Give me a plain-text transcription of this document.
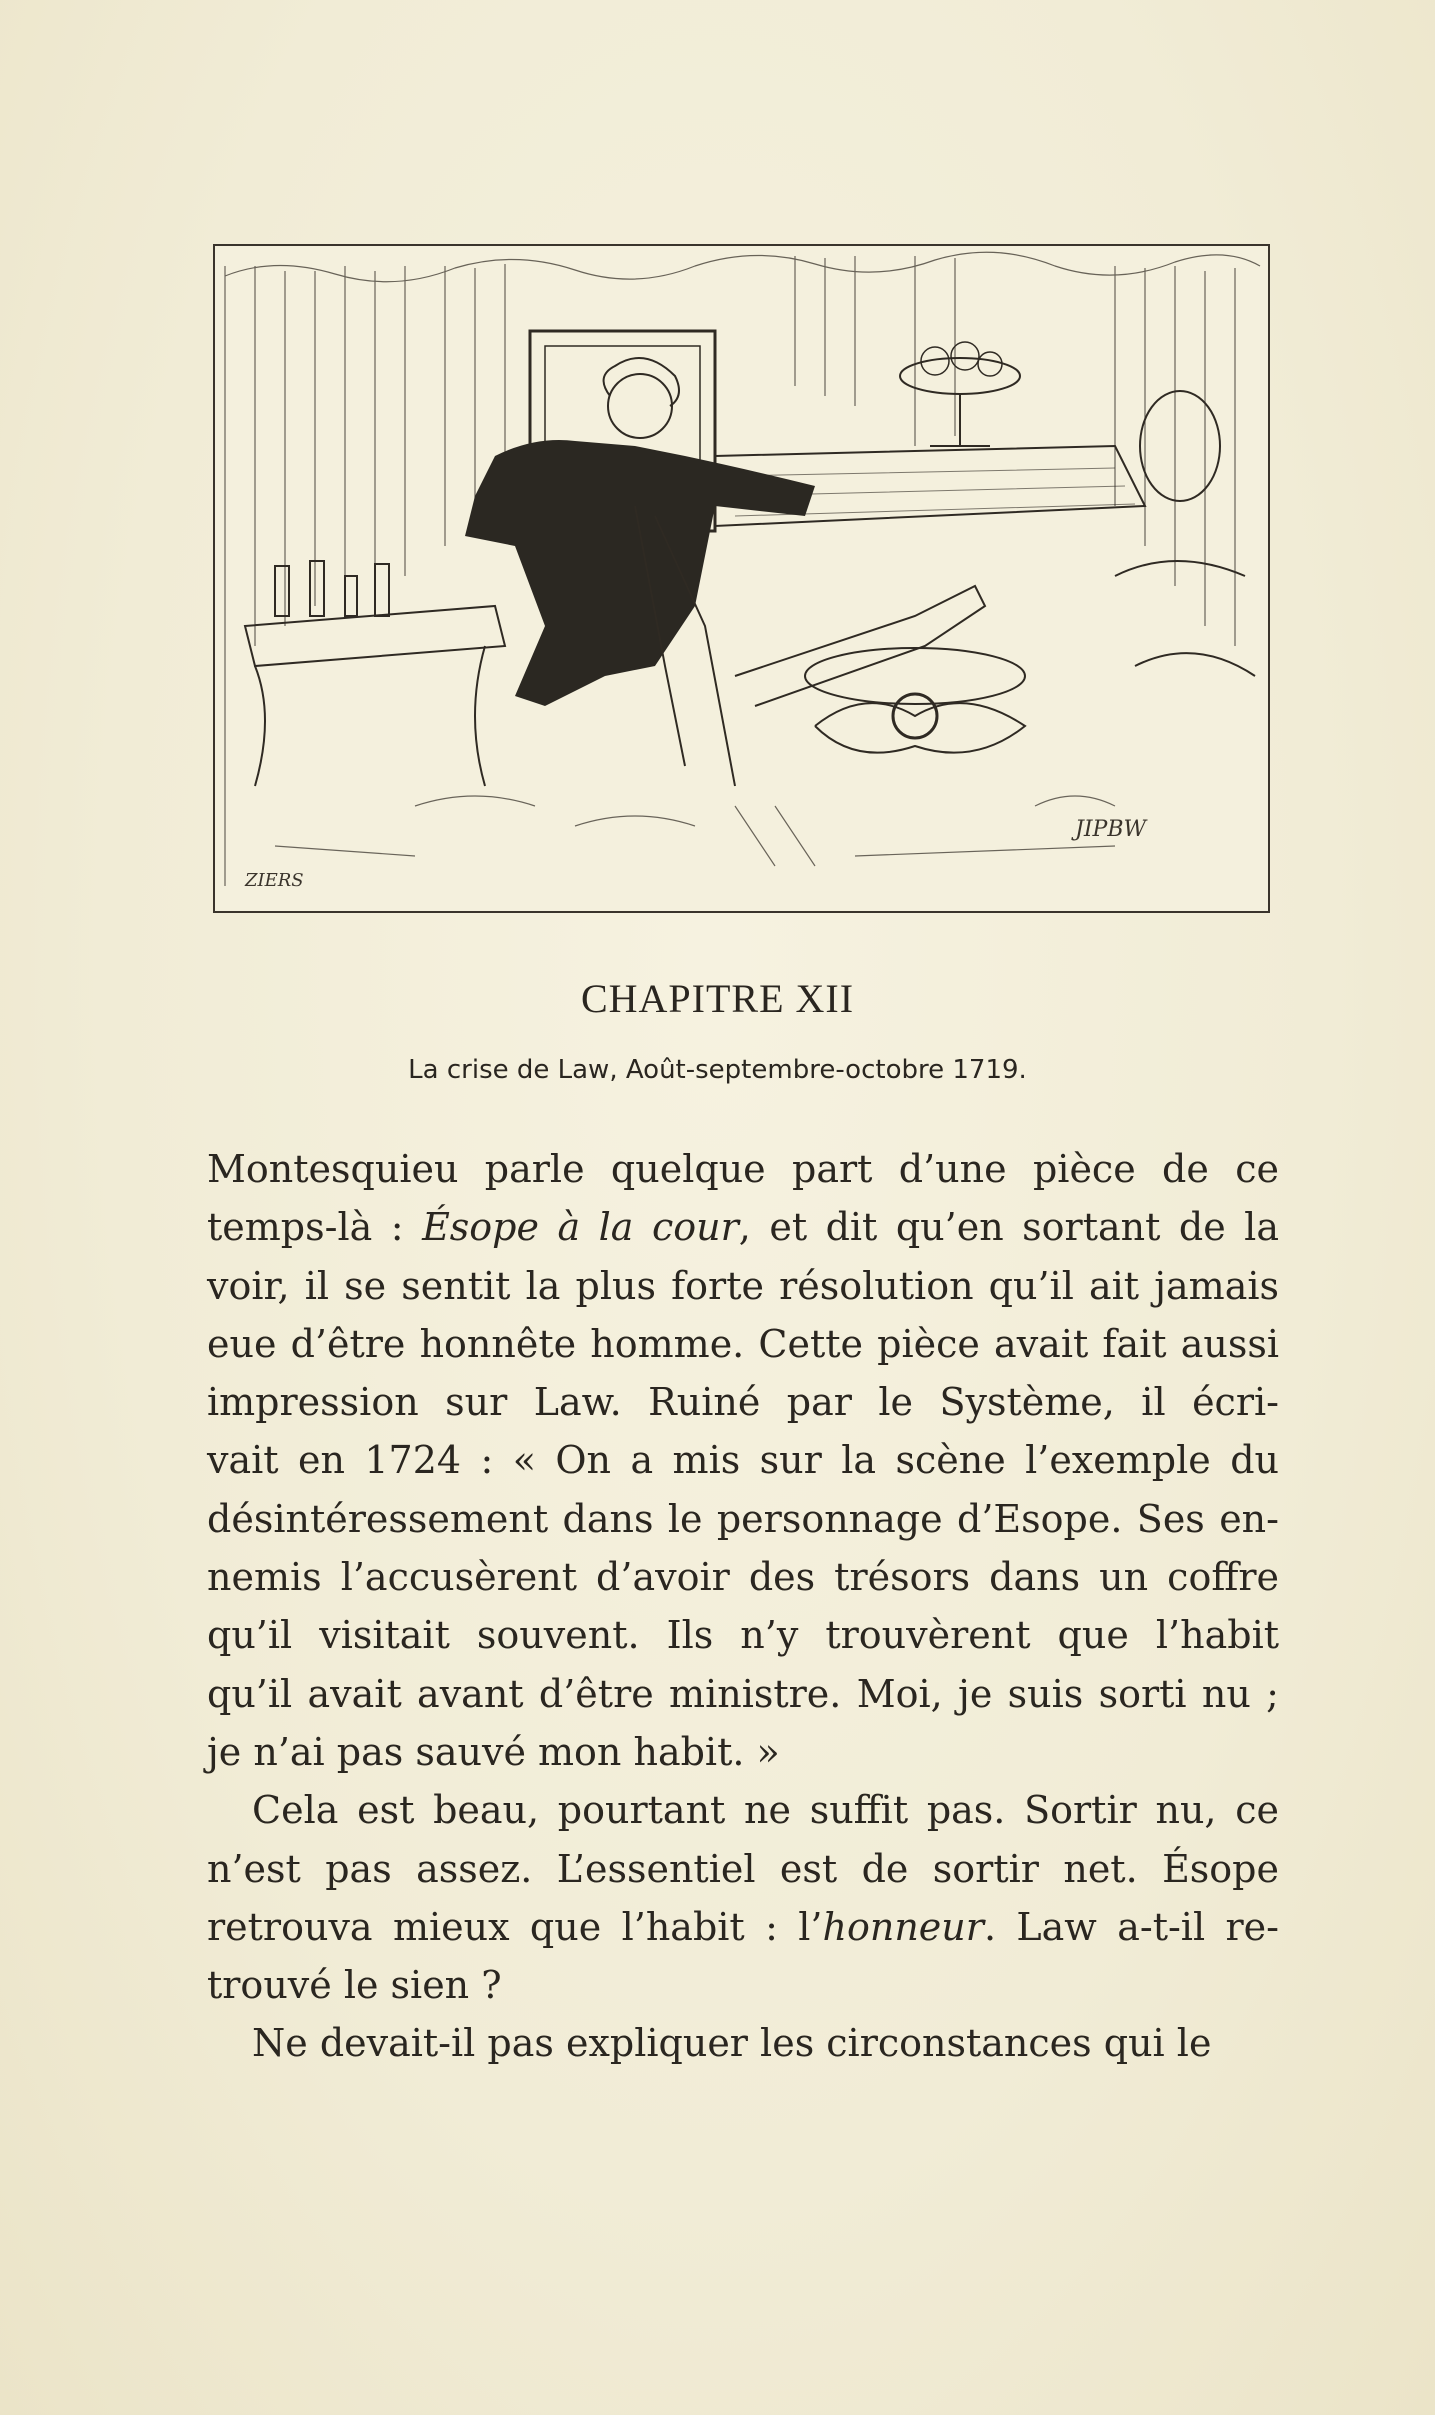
ZIERS
JIPBW
CHAPITRE XII
La crise de Law, Août-septembre-octobre 1719.
Montesquieu parle quelque part d’une pièce de ce
temps-là : Ésope à la cour, et dit qu’en sortant de la
voir, il se sentit la plus forte résolution qu’il ait jamais
eue d’être honnête homme. Cette pièce avait fait aussi
impression sur Law. Ruiné par le Système, il écri-
vait en 1724 : « On a mis sur la scène l’exemple du
désintéressement dans le personnage d’Esope. Ses en-
nemis l’accusèrent d’avoir des trésors dans un coffre
qu’il visitait souvent. Ils n’y trouvèrent que l’habit
qu’il avait avant d’être ministre. Moi, je suis sorti nu ;
je n’ai pas sauvé mon habit. »
Cela est beau, pourtant ne suffit pas. Sortir nu, ce
n’est pas assez. L’essentiel est de sortir net. Ésope
retrouva mieux que l’habit : l’honneur. Law a-t-il re-
trouvé le sien ?
Ne devait-il pas expliquer les circonstances qui le
